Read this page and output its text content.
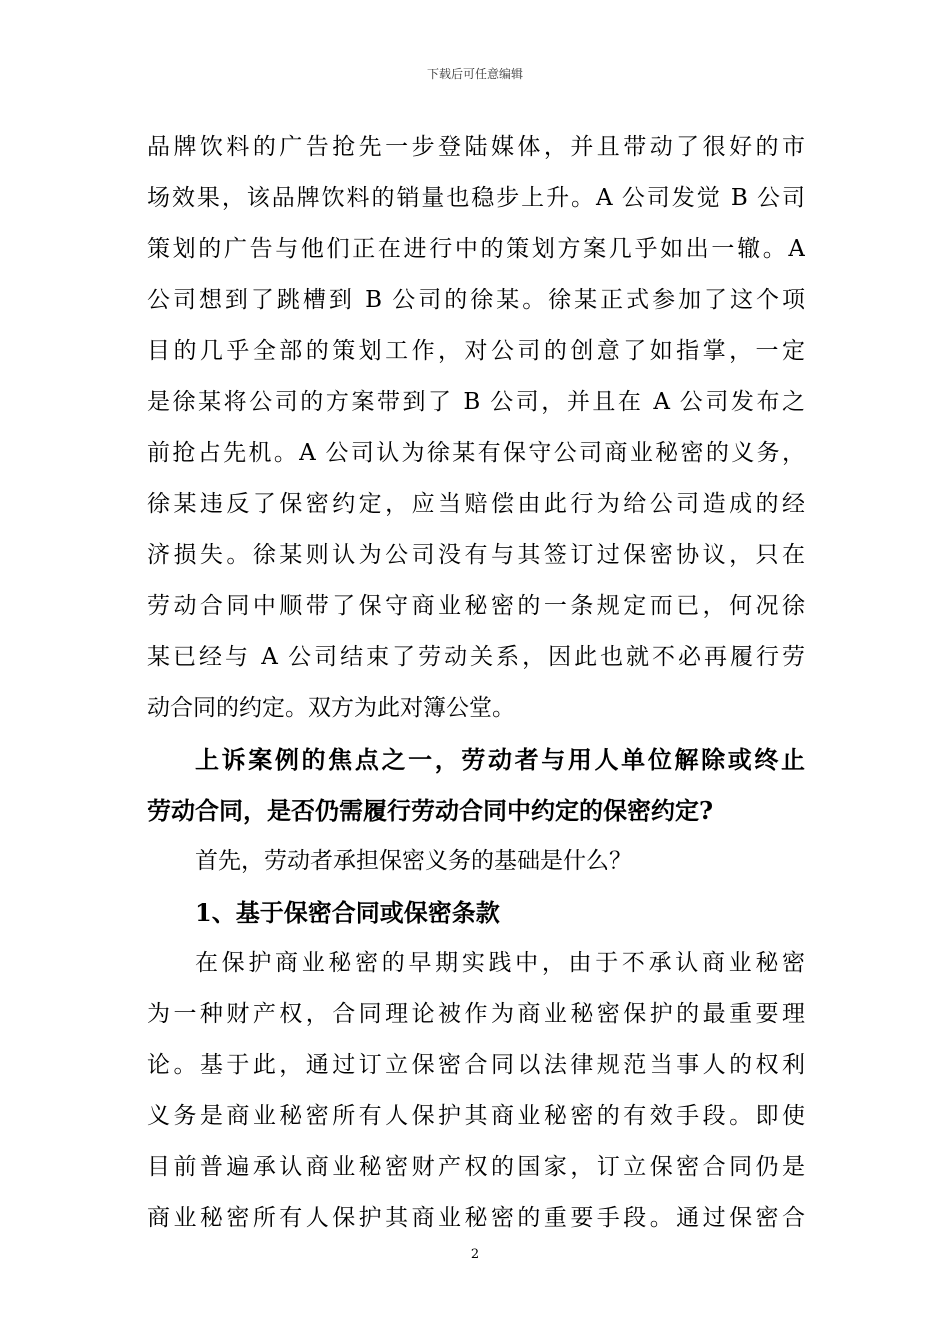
下载后可任意编辑
品牌饮料的广告抢先一步登陆媒体，并且带动了很好的市
场效果，该品牌饮料的销量也稳步上升。A 公司发觉 B 公司
策划的广告与他们正在进行中的策划方案几乎如出一辙。A
公司想到了跳槽到 B 公司的徐某。徐某正式参加了这个项
目的几乎全部的策划工作，对公司的创意了如指掌，一定
是徐某将公司的方案带到了 B 公司，并且在 A 公司发布之
前抢占先机。A 公司认为徐某有保守公司商业秘密的义务，
徐某违反了保密约定，应当赔偿由此行为给公司造成的经
济损失。徐某则认为公司没有与其签订过保密协议，只在
劳动合同中顺带了保守商业秘密的一条规定而已，何况徐
某已经与 A 公司结束了劳动关系，因此也就不必再履行劳
动合同的约定。双方为此对簿公堂。
上诉案例的焦点之一，劳动者与用人单位解除或终止
劳动合同，是否仍需履行劳动合同中约定的保密约定?
首先，劳动者承担保密义务的基础是什么？
1、基于保密合同或保密条款
在保护商业秘密的早期实践中，由于不承认商业秘密
为一种财产权，合同理论被作为商业秘密保护的最重要理
论。基于此，通过订立保密合同以法律规范当事人的权利
义务是商业秘密所有人保护其商业秘密的有效手段。即使
目前普遍承认商业秘密财产权的国家，订立保密合同仍是
商业秘密所有人保护其商业秘密的重要手段。通过保密合
2
